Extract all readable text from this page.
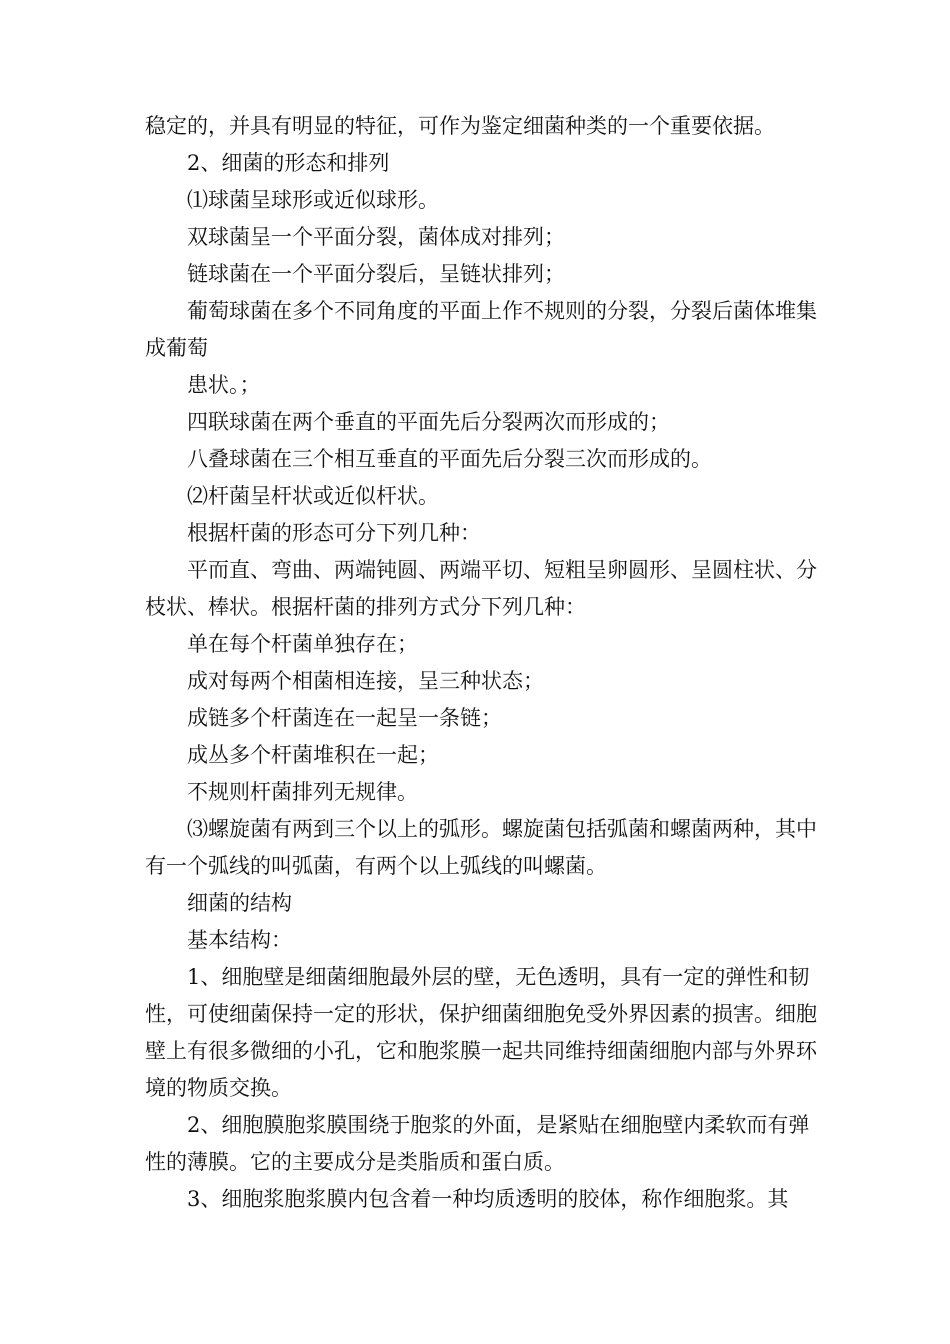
稳定的，并具有明显的特征，可作为鉴定细菌种类的一个重要依据。

2、细菌的形态和排列

⑴球菌呈球形或近似球形。

双球菌呈一个平面分裂，菌体成对排列；

链球菌在一个平面分裂后，呈链状排列；

葡萄球菌在多个不同角度的平面上作不规则的分裂，分裂后菌体堆集成葡萄

患状。；

四联球菌在两个垂直的平面先后分裂两次而形成的；

八叠球菌在三个相互垂直的平面先后分裂三次而形成的。

⑵杆菌呈杆状或近似杆状。

根据杆菌的形态可分下列几种：

平而直、弯曲、两端钝圆、两端平切、短粗呈卵圆形、呈圆柱状、分枝状、棒状。根据杆菌的排列方式分下列几种：

单在每个杆菌单独存在；

成对每两个相菌相连接，呈三种状态；

成链多个杆菌连在一起呈一条链；

成丛多个杆菌堆积在一起；

不规则杆菌排列无规律。

⑶螺旋菌有两到三个以上的弧形。螺旋菌包括弧菌和螺菌两种，其中有一个弧线的叫弧菌，有两个以上弧线的叫螺菌。

细菌的结构

基本结构：

1、细胞壁是细菌细胞最外层的壁，无色透明，具有一定的弹性和韧性，可使细菌保持一定的形状，保护细菌细胞免受外界因素的损害。细胞壁上有很多微细的小孔，它和胞浆膜一起共同维持细菌细胞内部与外界环境的物质交换。

2、细胞膜胞浆膜围绕于胞浆的外面，是紧贴在细胞壁内柔软而有弹性的薄膜。它的主要成分是类脂质和蛋白质。

3、细胞浆胞浆膜内包含着一种均质透明的胶体，称作细胞浆。其
